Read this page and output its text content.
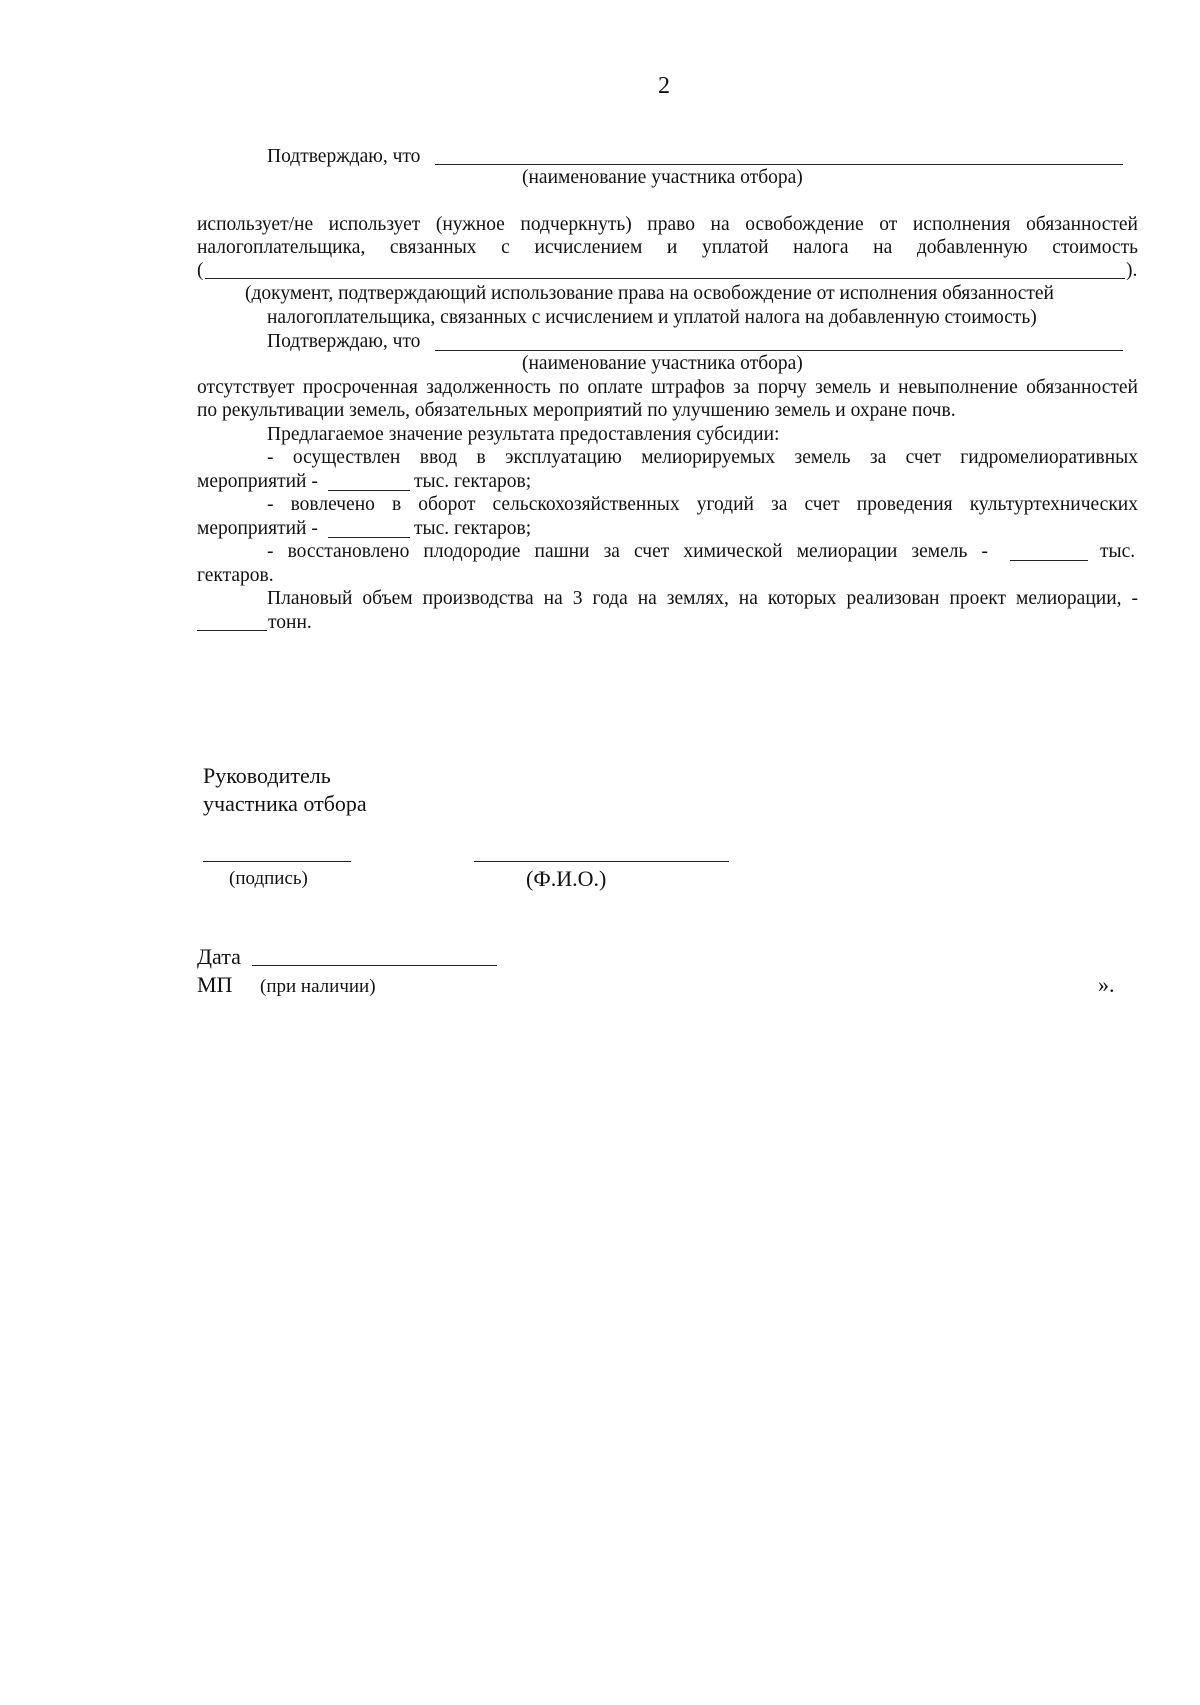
2
Подтверждаю, что
(наименование участника отбора)
использует/не использует (нужное подчеркнуть) право на освобождение от исполнения обязанностей
налогоплательщика, связанных с исчислением и уплатой налога на добавленную стоимость
(	).
(документ, подтверждающий использование права на освобождение от исполнения обязанностей
налогоплательщика, связанных с исчислением и уплатой налога на добавленную стоимость)
Подтверждаю, что
(наименование участника отбора)
отсутствует просроченная задолженность по оплате штрафов за порчу земель и невыполнение обязанностей
по рекультивации земель, обязательных мероприятий по улучшению земель и охране почв.
Предлагаемое значение результата предоставления субсидии:
- осуществлен ввод в эксплуатацию мелиорируемых земель за счет гидромелиоративных
мероприятий -	тыс. гектаров;
- вовлечено в оборот сельскохозяйственных угодий за счет проведения культуртехнических
мероприятий -	тыс. гектаров;
- восстановлено плодородие пашни за счет химической мелиорации земель -	тыс.
гектаров.
Плановый объем производства на 3 года на землях, на которых реализован проект мелиорации, -
тонн.
Руководитель
участника отбора
(подпись)	(Ф.И.О.)
Дата
МП (при наличии)	».
